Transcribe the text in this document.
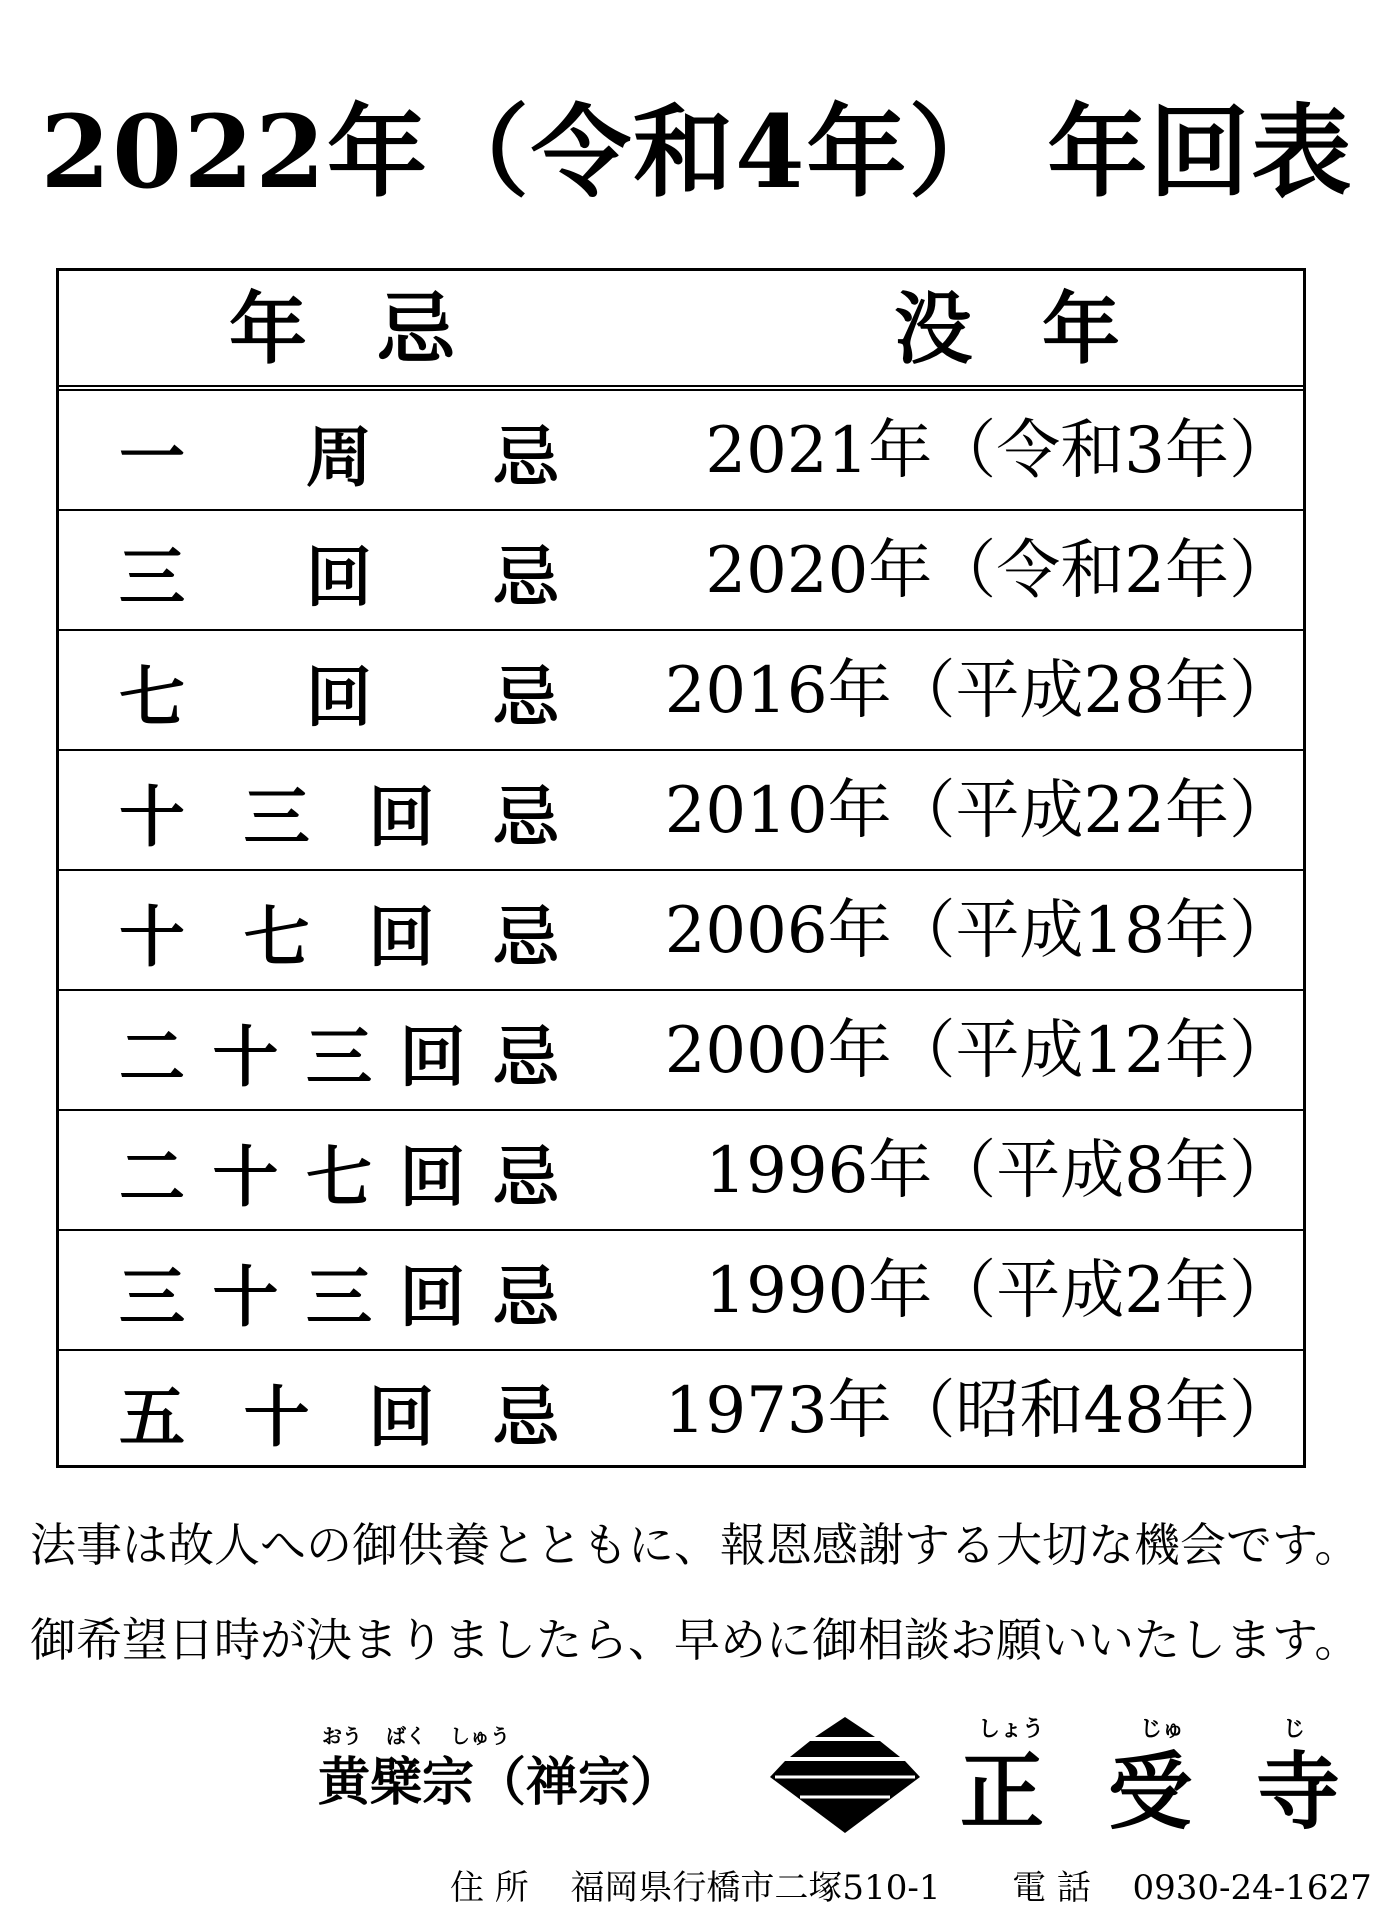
2022年（令和4年） 年回表
年忌	没年
一 周 忌 2021年（令和3年）
三 回 忌 2020年（令和2年）
七 回 忌 2016年（平成28年）
十 三 回 忌 2010年（平成22年）
十 七 回 忌 2006年（平成18年）
二 十 三 回 忌 2000年（平成12年）
二 十 七 回 忌 1996年（平成8年）
三 十 三 回 忌 1990年（平成2年）
五 十 回 忌 1973年（昭和48年）
法事は故人への御供養とともに、報恩感謝する大切な機会です。
御希望日時が決まりましたら、早めに御相談お願いいたします。
おう ばく しゅう
黄檗宗（禅宗）
しょう	じゅ	じ
正 受 寺
住 所 福岡県行橋市二塚510-1 電 話 0930-24-1627
